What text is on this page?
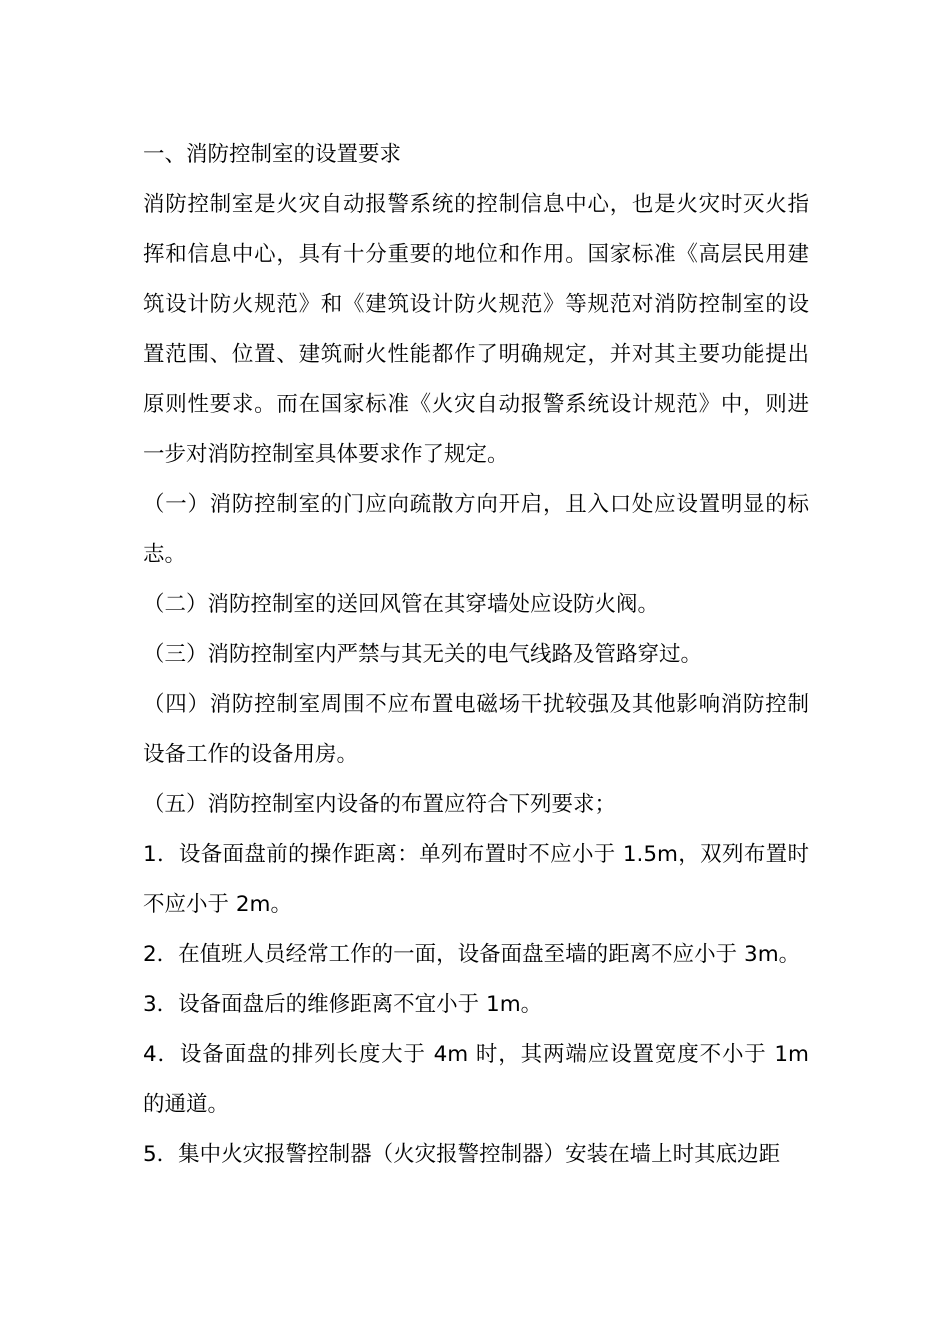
一、消防控制室的设置要求

消防控制室是火灾自动报警系统的控制信息中心，也是火灾时灭火指挥和信息中心，具有十分重要的地位和作用。国家标准《高层民用建筑设计防火规范》和《建筑设计防火规范》等规范对消防控制室的设置范围、位置、建筑耐火性能都作了明确规定，并对其主要功能提出原则性要求。而在国家标准《火灾自动报警系统设计规范》中，则进一步对消防控制室具体要求作了规定。

（一）消防控制室的门应向疏散方向开启，且入口处应设置明显的标志。

（二）消防控制室的送回风管在其穿墙处应设防火阀。

（三）消防控制室内严禁与其无关的电气线路及管路穿过。

（四）消防控制室周围不应布置电磁场干扰较强及其他影响消防控制设备工作的设备用房。

（五）消防控制室内设备的布置应符合下列要求；

1．设备面盘前的操作距离：单列布置时不应小于 1.5m，双列布置时不应小于 2m。

2．在值班人员经常工作的一面，设备面盘至墙的距离不应小于 3m。

3．设备面盘后的维修距离不宜小于 1m。

4．设备面盘的排列长度大于 4m 时，其两端应设置宽度不小于 1m 的通道。

5．集中火灾报警控制器（火灾报警控制器）安装在墙上时其底边距
